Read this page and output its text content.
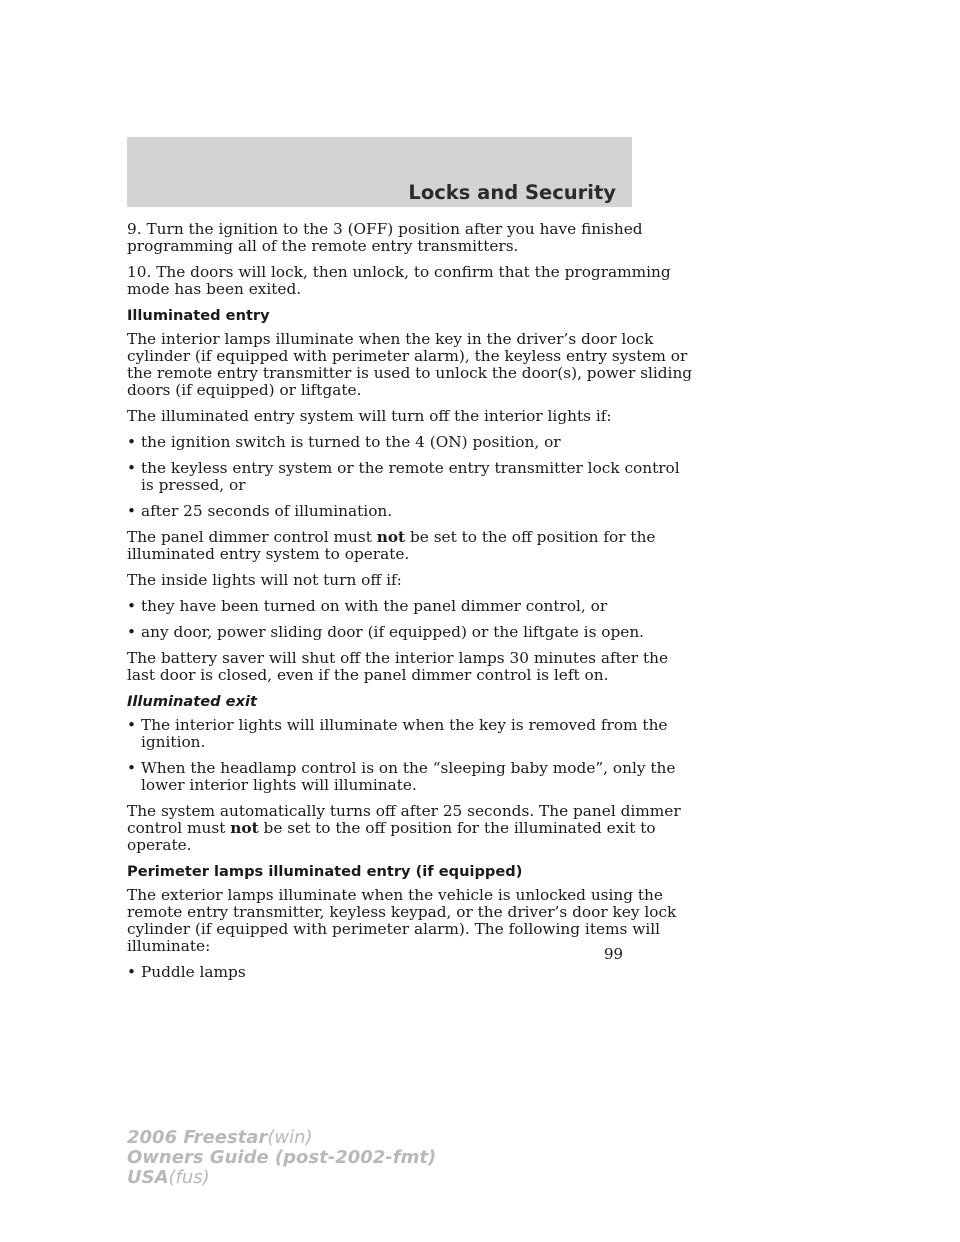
Locks and Security

9. Turn the ignition to the 3 (OFF) position after you have finished
programming all of the remote entry transmitters.

10. The doors will lock, then unlock, to confirm that the programming
mode has been exited.

Illuminated entry

The interior lamps illuminate when the key in the driver’s door lock
cylinder (if equipped with perimeter alarm), the keyless entry system or
the remote entry transmitter is used to unlock the door(s), power sliding
doors (if equipped) or liftgate.

The illuminated entry system will turn off the interior lights if:

• the ignition switch is turned to the 4 (ON) position, or
• the keyless entry system or the remote entry transmitter lock control
is pressed, or
• after 25 seconds of illumination.

The panel dimmer control must not be set to the off position for the
illuminated entry system to operate.

The inside lights will not turn off if:

• they have been turned on with the panel dimmer control, or
• any door, power sliding door (if equipped) or the liftgate is open.

The battery saver will shut off the interior lamps 30 minutes after the
last door is closed, even if the panel dimmer control is left on.

Illuminated exit
• The interior lights will illuminate when the key is removed from the
ignition.
• When the headlamp control is on the “sleeping baby mode”, only the
lower interior lights will illuminate.

The system automatically turns off after 25 seconds. The panel dimmer
control must not be set to the off position for the illuminated exit to
operate.

Perimeter lamps illuminated entry (if equipped)

The exterior lamps illuminate when the vehicle is unlocked using the
remote entry transmitter, keyless keypad, or the driver’s door key lock
cylinder (if equipped with perimeter alarm). The following items will
illuminate:

• Puddle lamps
99
2006 Freestar(win)
Owners Guide (post-2002-fmt)
USA(fus)
